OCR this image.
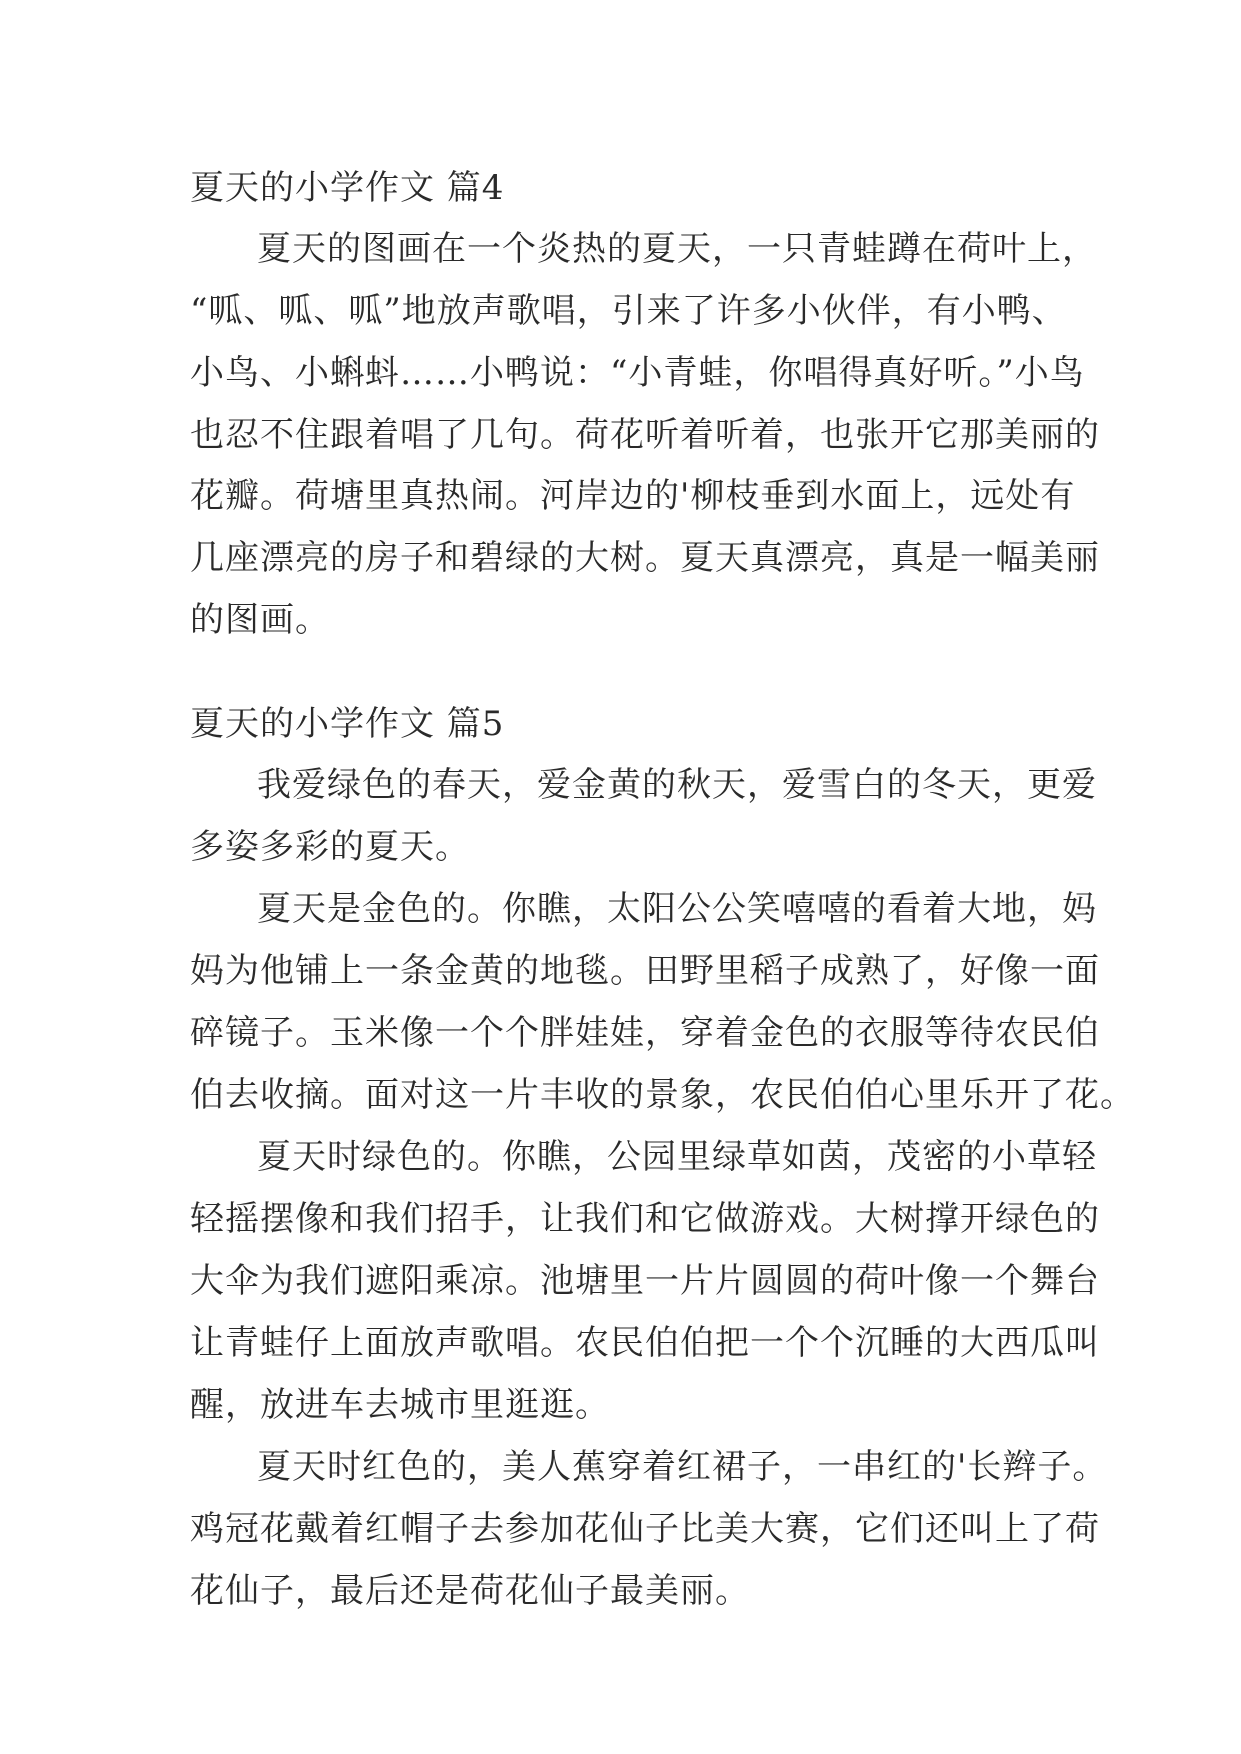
夏天的小学作文 篇4
夏天的图画在一个炎热的夏天，一只青蛙蹲在荷叶上，
“呱、呱、呱”地放声歌唱，引来了许多小伙伴，有小鸭、
小鸟、小蝌蚪……小鸭说：“小青蛙，你唱得真好听。”小鸟
也忍不住跟着唱了几句。荷花听着听着，也张开它那美丽的
花瓣。荷塘里真热闹。河岸边的'柳枝垂到水面上，远处有
几座漂亮的房子和碧绿的大树。夏天真漂亮，真是一幅美丽
的图画。
夏天的小学作文 篇5
我爱绿色的春天，爱金黄的秋天，爱雪白的冬天，更爱
多姿多彩的夏天。
夏天是金色的。你瞧，太阳公公笑嘻嘻的看着大地，妈
妈为他铺上一条金黄的地毯。田野里稻子成熟了，好像一面
碎镜子。玉米像一个个胖娃娃，穿着金色的衣服等待农民伯
伯去收摘。面对这一片丰收的景象，农民伯伯心里乐开了花。
夏天时绿色的。你瞧，公园里绿草如茵，茂密的小草轻
轻摇摆像和我们招手，让我们和它做游戏。大树撑开绿色的
大伞为我们遮阳乘凉。池塘里一片片圆圆的荷叶像一个舞台
让青蛙仔上面放声歌唱。农民伯伯把一个个沉睡的大西瓜叫
醒，放进车去城市里逛逛。
夏天时红色的，美人蕉穿着红裙子，一串红的'长辫子。
鸡冠花戴着红帽子去参加花仙子比美大赛，它们还叫上了荷
花仙子，最后还是荷花仙子最美丽。
